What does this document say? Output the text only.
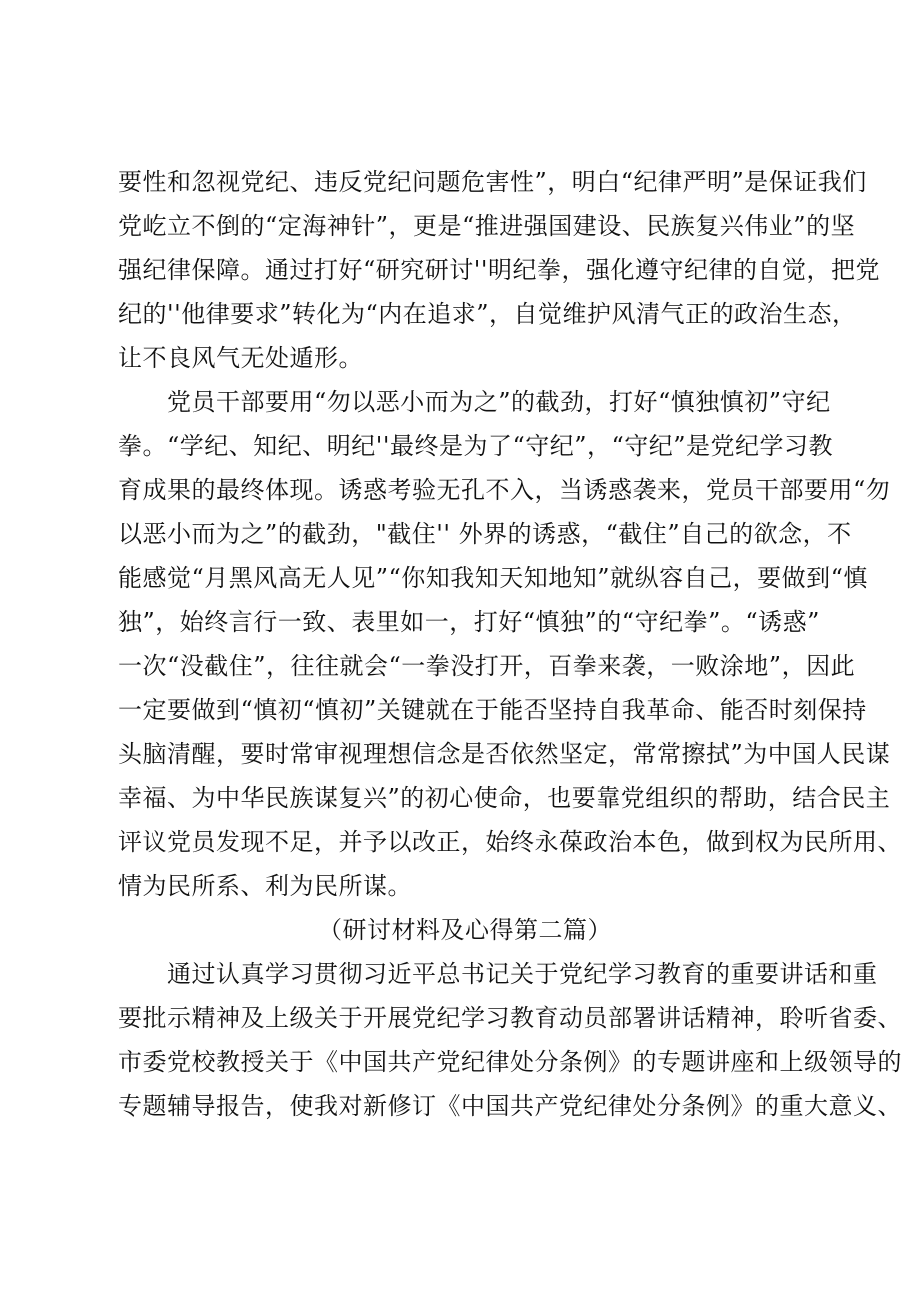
要性和忽视党纪、违反党纪问题危害性”，明白“纪律严明”是保证我们
党屹立不倒的“定海神针”，更是“推进强国建设、民族复兴伟业”的坚
强纪律保障。通过打好“研究研讨''明纪拳，强化遵守纪律的自觉，把党
纪的''他律要求”转化为“内在追求”，自觉维护风清气正的政治生态，
让不良风气无处遁形。
　　党员干部要用“勿以恶小而为之”的截劲，打好“慎独慎初”守纪
拳。“学纪、知纪、明纪''最终是为了“守纪”，“守纪”是党纪学习教
育成果的最终体现。诱惑考验无孔不入，当诱惑袭来，党员干部要用“勿
以恶小而为之”的截劲，"截住'' 外界的诱惑，“截住”自己的欲念，不
能感觉“月黑风高无人见”“你知我知天知地知”就纵容自己，要做到“慎
独”，始终言行一致、表里如一，打好“慎独”的“守纪拳”。“诱惑”
一次“没截住”，往往就会“一拳没打开，百拳来袭，一败涂地”，因此
一定要做到“慎初“慎初”关键就在于能否坚持自我革命、能否时刻保持
头脑清醒，要时常审视理想信念是否依然坚定，常常擦拭”为中国人民谋
幸福、为中华民族谋复兴”的初心使命，也要靠党组织的帮助，结合民主
评议党员发现不足，并予以改正，始终永葆政治本色，做到权为民所用、
情为民所系、利为民所谋。
（研讨材料及心得第二篇）
　　通过认真学习贯彻习近平总书记关于党纪学习教育的重要讲话和重
要批示精神及上级关于开展党纪学习教育动员部署讲话精神，聆听省委、
市委党校教授关于《中国共产党纪律处分条例》的专题讲座和上级领导的
专题辅导报告，使我对新修订《中国共产党纪律处分条例》的重大意义、
